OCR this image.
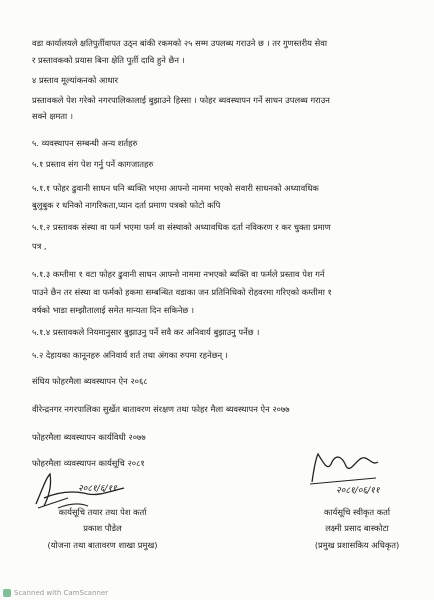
वडा कार्यालयले क्षतिपुर्तीवापत उठ्न बांकी रकमको २५ सम्म उपलब्ध गराउने छ । तर गुणस्तरीय सेवा
र प्रस्तावकको प्रयास बिना क्षेति पुर्ती दावि हुने छैन ।
४ प्रस्ताव मूल्यांकनको आधार
प्रस्तावकले पेश गरेको नगरपालिकालाई बुझाउने हिस्सा । फोहर ब्यवस्थापन गर्ने साधन उपलब्ध गराउन
सक्ने क्षमता ।
५. व्यवस्थापन सम्बन्धी अन्य शर्तहरु
५.१ प्रस्ताव संग पेश गर्नु पर्ने कागजातहरु
५.१.१ फोहर ढुवानी साधन धनि ब्यक्ति भएमा आफ्नो नाममा भएको सवारी साधनको अध्यावधिक
बुलुबुक र धनिको नागरिकता,प्यान दर्ता प्रमाण पत्रको फोटो कपि
५.१.२ प्रस्तावक संस्था वा फर्म भएमा फर्म वा संस्थाको अध्यावधिक दर्ता नविकरण र कर चुक्ता प्रमाण
पत्र ,
५.१.३ कम्तीमा १ वटा फोहर ढुवानी साधन आफ्नो नाममा नभएको ब्यक्ति वा फर्मले प्रस्ताव पेश गर्न
पाउने छैन तर संस्था वा फर्मको हकमा सम्बन्धित वडाका जन प्रतिनिधिको रोहवरमा गरिएको कम्तीमा १
वर्षको भाडा सम्झौतालाई समेत मान्यता दिन सकिनेछ ।
५.१.४ प्रस्तावकले नियमानुसार बुझाउनु पर्ने सवै कर अनिवार्य बुझाउनु पर्नेछ ।
५.२ देहायका कानूनहरु अनिवार्य शर्त तथा अंगका रुपमा रहनेछन् ।
संघिय फोहरमैला ब्यवस्थापन ऐन २०६८
वीरेन्द्रनगर नगरपालिका सुर्खेत बातावरण संरक्षण तथा फोहर मैला ब्यवस्थापन ऐन २०७७
फोहरमैला ब्यवस्थापन कार्यविधी २०७७
फोहरमैला व्यवस्थापन कार्यसूचि २०८१
२०८१/६/११
कार्यसूचि तयार तथा पेश कर्ता
प्रकाश पौडेल
(योजना तथा बातावरण शाखा प्रमुख)
२०८१/०६/११
कार्यसूचि स्वीकृत कर्ता
लक्ष्मी प्रसाद बास्कोटा
(प्रमुख प्रशासकिय अधिकृत)
Scanned with CamScanner
